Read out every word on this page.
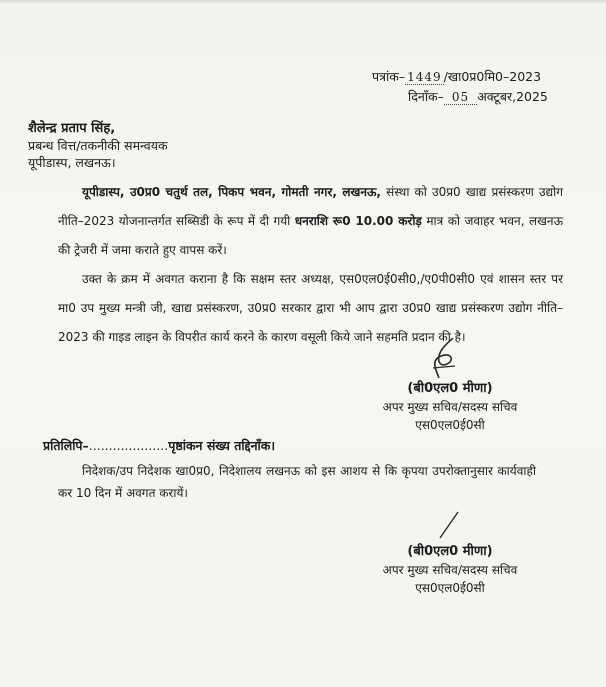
पत्रांक– 1449 /खा0प्र0मि0–2023
दिनाँक– 05 अक्टूबर,2025
शैलेन्द्र प्रताप सिंह,
प्रबन्ध वित्त/तकनीकी समन्वयक
यूपीडास्प, लखनऊ।

यूपीडास्प, उ0प्र0 चतुर्थ तल, पिकप भवन, गोमती नगर, लखनऊ, संस्था को उ0प्र0 खाद्य प्रसंस्करण उद्योग नीति–2023 योजनान्तर्गत सब्सिडी के रूप में दी गयी धनराशि रू0 10.00 करोड़ मात्र को जवाहर भवन, लखनऊ की ट्रेजरी में जमा कराते हुए वापस करें।

उक्त के क्रम में अवगत कराना है कि सक्षम स्तर अध्यक्ष, एस0एल0ई0सी0,/ए0पी0सी0 एवं शासन स्तर पर मा0 उप मुख्य मन्त्री जी, खाद्य प्रसंस्करण, उ0प्र0 सरकार द्वारा भी आप द्वारा उ0प्र0 खाद्य प्रसंस्करण उद्योग नीति–2023 की गाइड लाइन के विपरीत कार्य करने के कारण वसूली किये जाने सहमति प्रदान की है।

(बी0एल0 मीणा)
अपर मुख्य सचिव/सदस्य सचिव
एस0एल0ई0सी
प्रतिलिपि–....................पृष्ठांकन संख्य तद्दिनाँक।

निदेशक/उप निदेशक खा0प्र0, निदेशालय लखनऊ को इस आशय से कि कृपया उपरोक्तानुसार कार्यवाही कर 10 दिन में अवगत करायें।

(बी0एल0 मीणा)
अपर मुख्य सचिव/सदस्य सचिव
एस0एल0ई0सी
